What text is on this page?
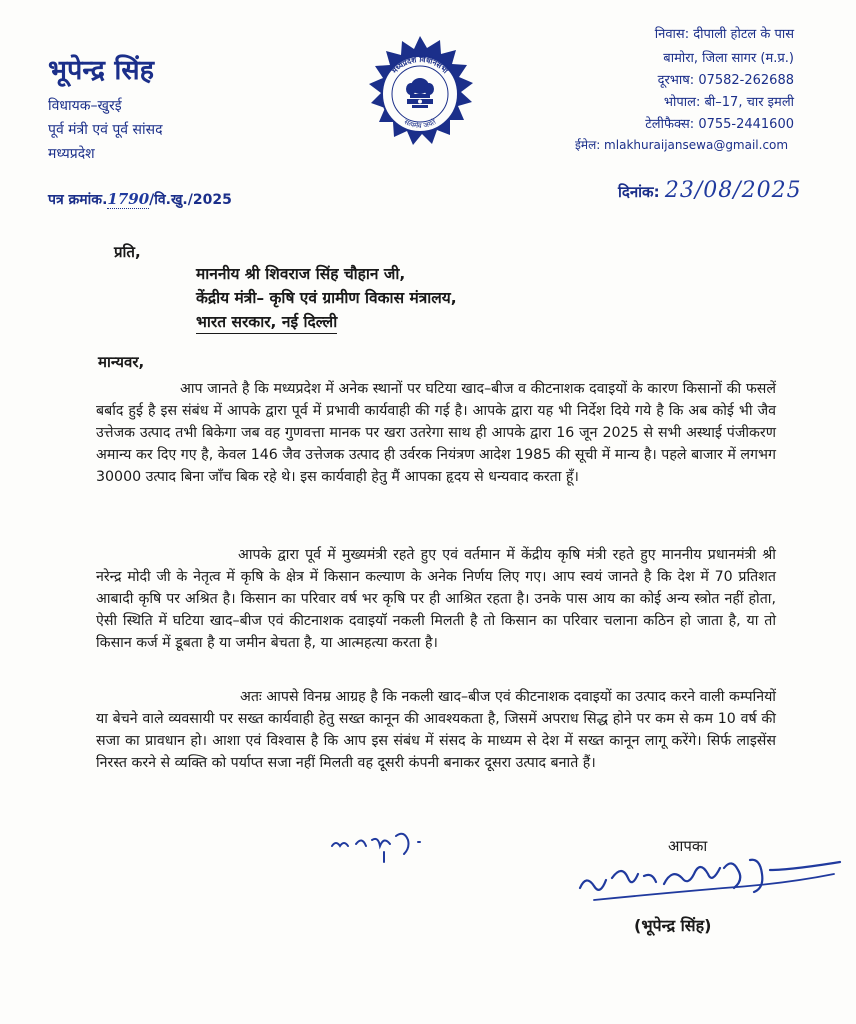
भूपेन्द्र सिंह
विधायक–खुरई
पूर्व मंत्री एवं पूर्व सांसद
मध्यप्रदेश
मध्यप्रदेश विधानसभा
सत्यमेव जयते
निवास: दीपाली होटल के पास
बामोरा, जिला सागर (म.प्र.)
दूरभाष: 07582-262688
भोपाल: बी–17, चार इमली
टेलीफैक्स: 0755-2441600
ईमेल: mlakhuraijansewa@gmail.com
पत्र क्रमांक.1790/वि.खु./2025	दिनांक: 23/08/2025
प्रति,
माननीय श्री शिवराज सिंह चौहान जी,
केंद्रीय मंत्री– कृषि एवं ग्रामीण विकास मंत्रालय,
भारत सरकार, नई दिल्ली
मान्यवर,
आप जानते है कि मध्यप्रदेश में अनेक स्थानों पर घटिया खाद–बीज व कीटनाशक दवाइयों के कारण किसानों की फसलें बर्बाद हुई है इस संबंध में आपके द्वारा पूर्व में प्रभावी कार्यवाही की गई है। आपके द्वारा यह भी निर्देश दिये गये है कि अब कोई भी जैव उत्तेजक उत्पाद तभी बिकेगा जब वह गुणवत्ता मानक पर खरा उतरेगा साथ ही आपके द्वारा 16 जून 2025 से सभी अस्थाई पंजीकरण अमान्य कर दिए गए है, केवल 146 जैव उत्तेजक उत्पाद ही उर्वरक नियंत्रण आदेश 1985 की सूची में मान्य है। पहले बाजार में लगभग 30000 उत्पाद बिना जाँच बिक रहे थे। इस कार्यवाही हेतु मैं आपका हृदय से धन्यवाद करता हूँ।
आपके द्वारा पूर्व में मुख्यमंत्री रहते हुए एवं वर्तमान में केंद्रीय कृषि मंत्री रहते हुए माननीय प्रधानमंत्री श्री नरेन्द्र मोदी जी के नेतृत्व में कृषि के क्षेत्र में किसान कल्याण के अनेक निर्णय लिए गए। आप स्वयं जानते है कि देश में 70 प्रतिशत आबादी कृषि पर अश्रित है। किसान का परिवार वर्ष भर कृषि पर ही आश्रित रहता है। उनके पास आय का कोई अन्य स्त्रोत नहीं होता, ऐसी स्थिति में घटिया खाद–बीज एवं कीटनाशक दवाइयॉ नकली मिलती है तो किसान का परिवार चलाना कठिन हो जाता है, या तो किसान कर्ज में डूबता है या जमीन बेचता है, या आत्महत्या करता है।
अतः आपसे विनम्र आग्रह है कि नकली खाद–बीज एवं कीटनाशक दवाइयों का उत्पाद करने वाली कम्पनियों या बेचने वाले व्यवसायी पर सख्त कार्यवाही हेतु सख्त कानून की आवश्यकता है, जिसमें अपराध सिद्ध होने पर कम से कम 10 वर्ष की सजा का प्रावधान हो। आशा एवं विश्वास है कि आप इस संबंध में संसद के माध्यम से देश में सख्त कानून लागू करेंगे। सिर्फ लाइसेंस निरस्त करने से व्यक्ति को पर्याप्त सजा नहीं मिलती वह दूसरी कंपनी बनाकर दूसरा उत्पाद बनाते हैं।
आपका
(भूपेन्द्र सिंह)
